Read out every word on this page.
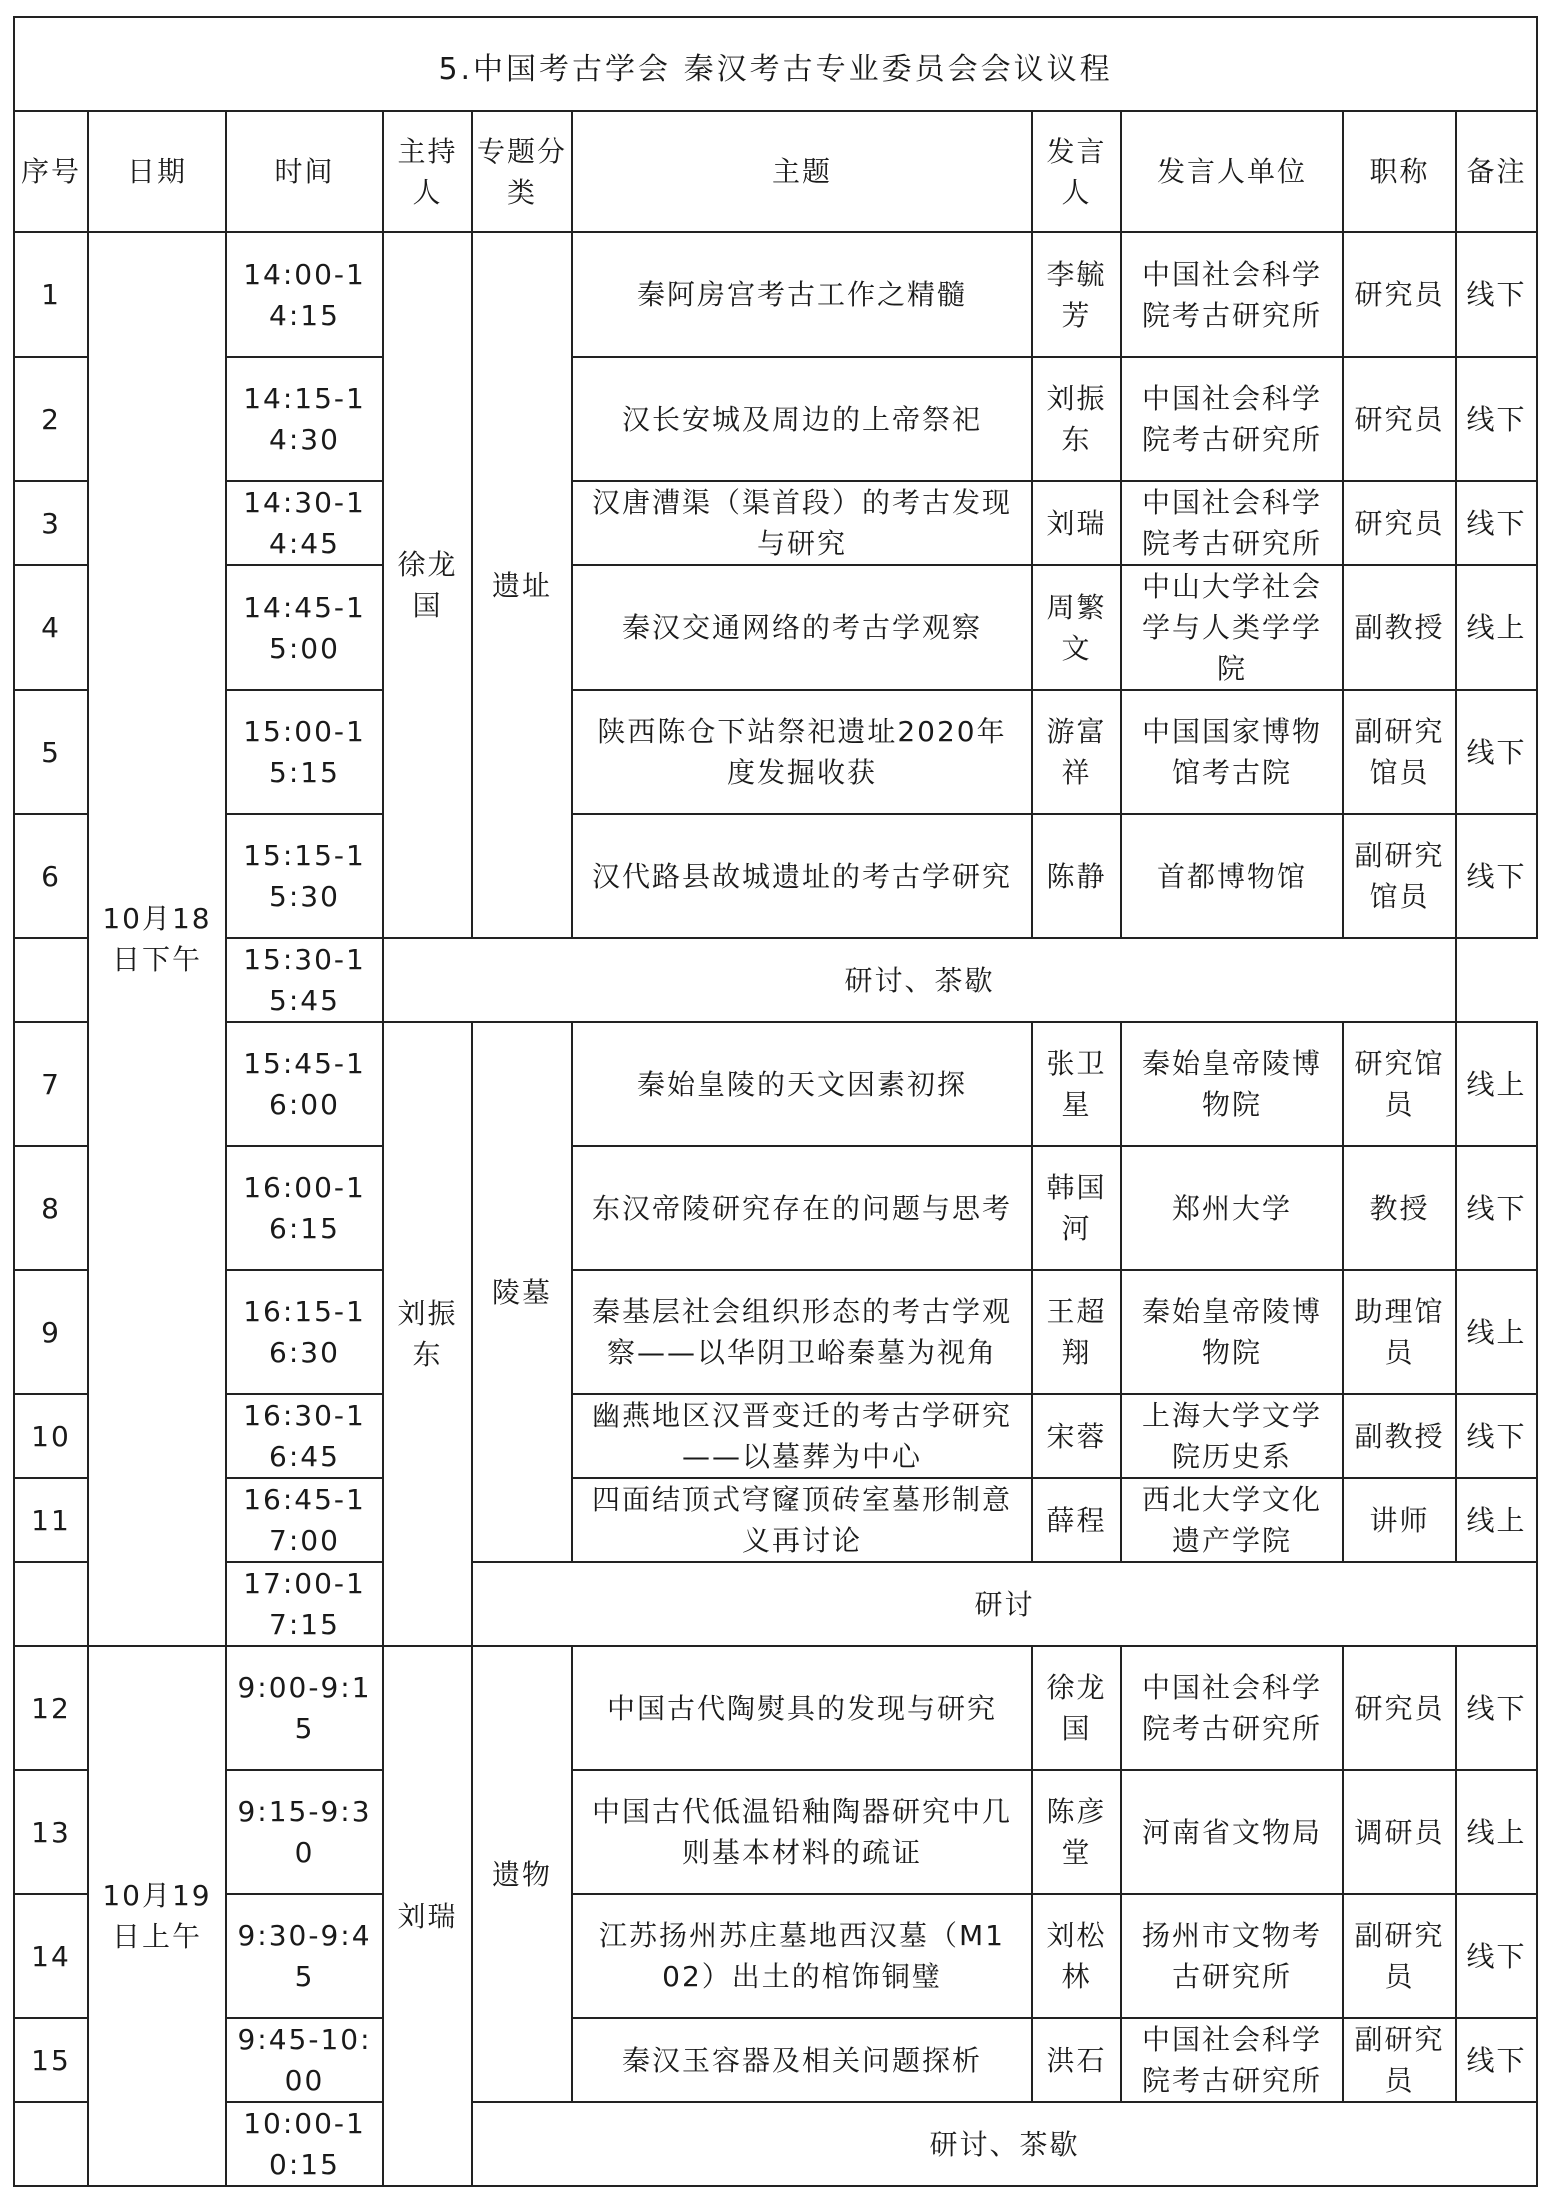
5.中国考古学会 秦汉考古专业委员会会议议程									
序号	日期	时间	主持人	专题分类	主题	发言人	发言人单位	职称	备注
1	10月18日下午	14:00-14:15	徐龙国	遗址	秦阿房宫考古工作之精髓	李毓芳	中国社会科学院考古研究所	研究员	线下
2		14:15-14:30			汉长安城及周边的上帝祭祀	刘振东	中国社会科学院考古研究所	研究员	线下
3		14:30-14:45			汉唐漕渠（渠首段）的考古发现与研究	刘瑞	中国社会科学院考古研究所	研究员	线下
4		14:45-15:00			秦汉交通网络的考古学观察	周繁文	中山大学社会学与人类学学院	副教授	线上
5		15:00-15:15			陕西陈仓下站祭祀遗址2020年度发掘收获	游富祥	中国国家博物馆考古院	副研究馆员	线下
6		15:15-15:30			汉代路县故城遗址的考古学研究	陈静	首都博物馆	副研究馆员	线下
		15:30-15:45	研讨、茶歇						
7		15:45-16:00	刘振东	陵墓	秦始皇陵的天文因素初探	张卫星	秦始皇帝陵博物院	研究馆员	线上
8		16:00-16:15			东汉帝陵研究存在的问题与思考	韩国河	郑州大学	教授	线下
9		16:15-16:30			秦基层社会组织形态的考古学观察——以华阴卫峪秦墓为视角	王超翔	秦始皇帝陵博物院	助理馆员	线上
10		16:30-16:45			幽燕地区汉晋变迁的考古学研究——以墓葬为中心	宋蓉	上海大学文学院历史系	副教授	线下
11		16:45-17:00			四面结顶式穹窿顶砖室墓形制意义再讨论	薛程	西北大学文化遗产学院	讲师	线上
		17:00-17:15		研讨					
12	10月19日上午	9:00-9:15	刘瑞	遗物	中国古代陶熨具的发现与研究	徐龙国	中国社会科学院考古研究所	研究员	线下
13		9:15-9:30			中国古代低温铅釉陶器研究中几则基本材料的疏证	陈彦堂	河南省文物局	调研员	线上
14		9:30-9:45			江苏扬州苏庄墓地西汉墓（M102）出土的棺饰铜璧	刘松林	扬州市文物考古研究所	副研究员	线下
15		9:45-10:00			秦汉玉容器及相关问题探析	洪石	中国社会科学院考古研究所	副研究员	线下
		10:00-10:15		研讨、茶歇					
